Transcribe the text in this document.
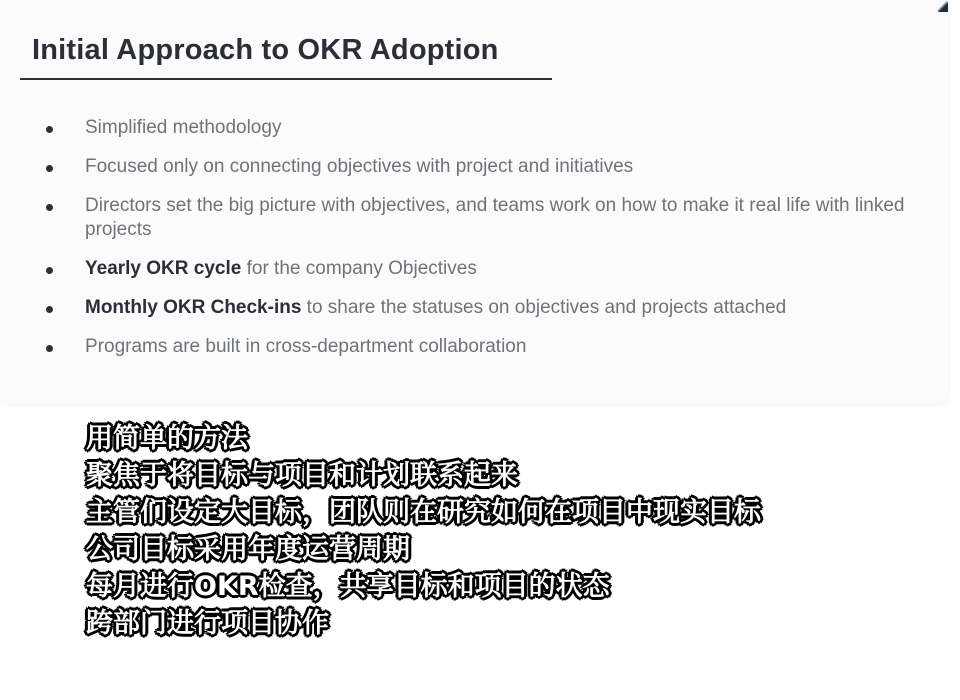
Initial Approach to OKR Adoption
Simplified methodology
Focused only on connecting objectives with project and initiatives
Directors set the big picture with objectives, and teams work on how to make it real life with linked projects
Yearly OKR cycle for the company Objectives
Monthly OKR Check-ins to share the statuses on objectives and projects attached
Programs are built in cross-department collaboration
用简单的方法
聚焦于将目标与项目和计划联系起来
主管们设定大目标，团队则在研究如何在项目中现实目标
公司目标采用年度运营周期
每月进行OKR检查，共享目标和项目的状态
跨部门进行项目协作
